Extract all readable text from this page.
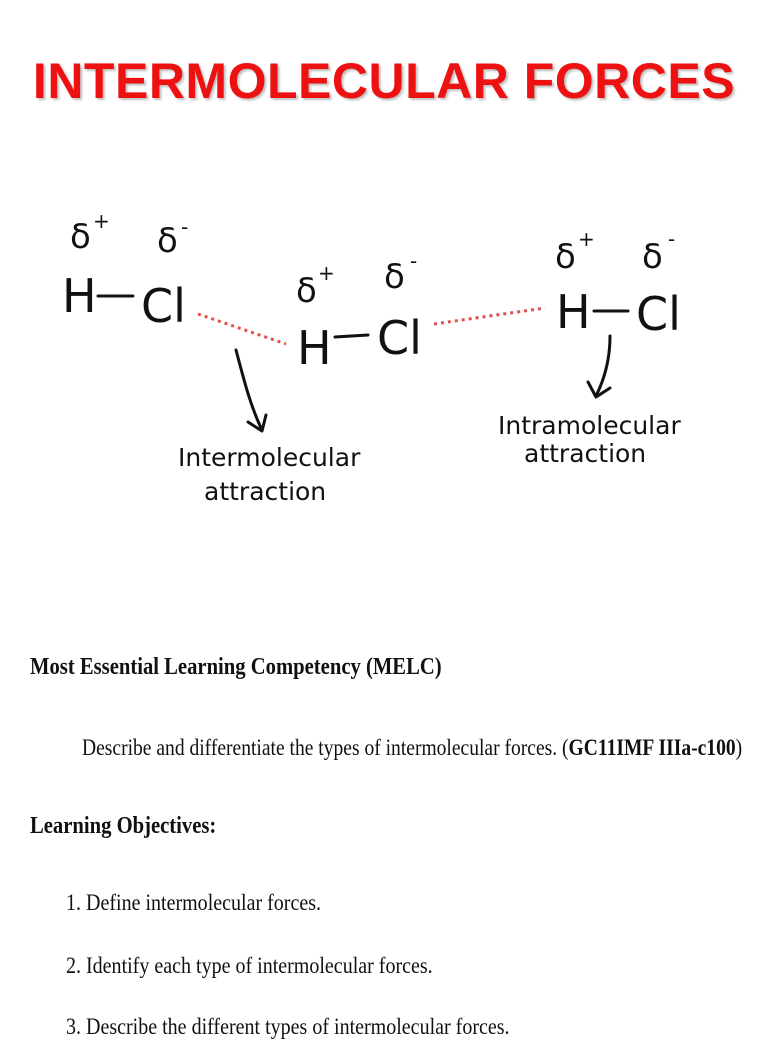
INTERMOLECULAR FORCES
δ + δ -
H Cl	δ + δ -
H Cl
δ + δ -
H Cl
Intermolecular
attraction
Intramolecular
attraction
Most Essential Learning Competency (MELC)
Describe and differentiate the types of intermolecular forces. (GC11IMF IIIa-c100)
Learning Objectives:
1. Define intermolecular forces.
2. Identify each type of intermolecular forces.
3. Describe the different types of intermolecular forces.
